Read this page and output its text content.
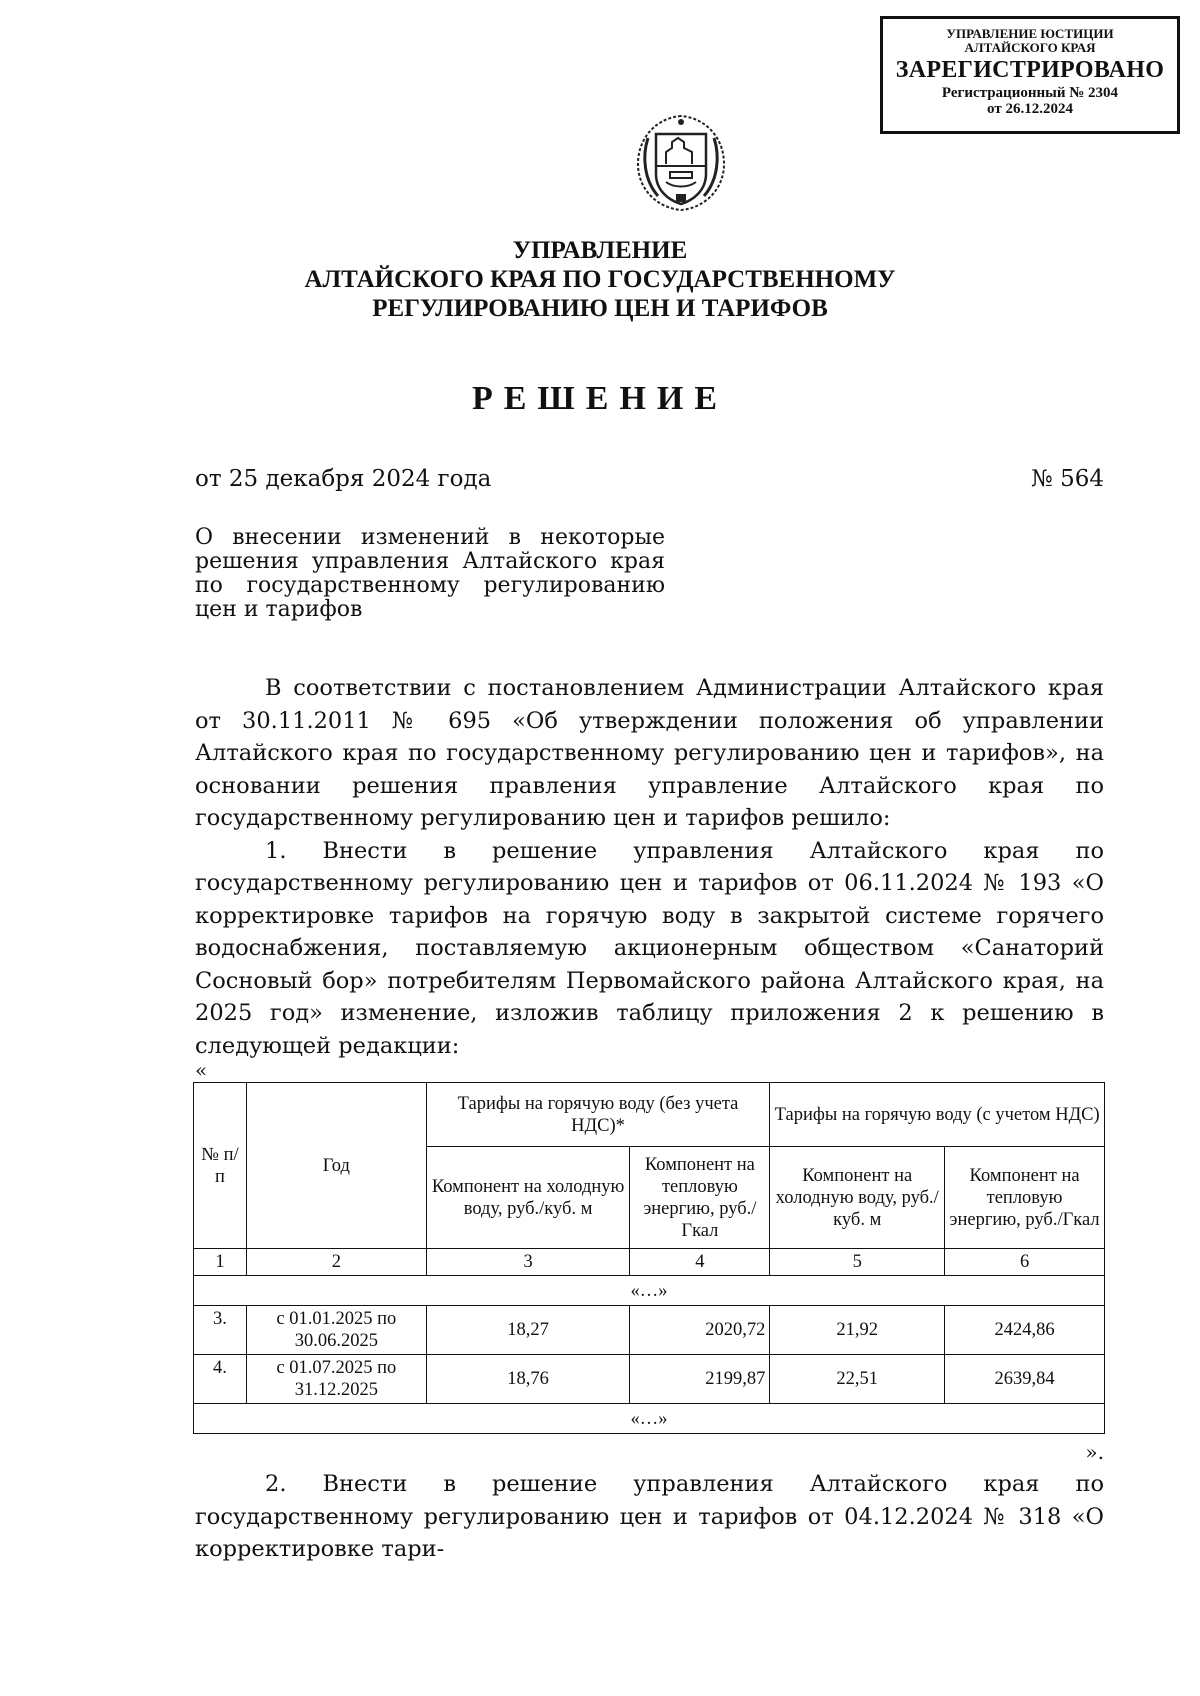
УПРАВЛЕНИЕ ЮСТИЦИИ
АЛТАЙСКОГО КРАЯ
ЗАРЕГИСТРИРОВАНО
Регистрационный № 2304
от 26.12.2024
УПРАВЛЕНИЕ
АЛТАЙСКОГО КРАЯ ПО ГОСУДАРСТВЕННОМУ
РЕГУЛИРОВАНИЮ ЦЕН И ТАРИФОВ
РЕШЕНИЕ
от 25 декабря 2024 года	№ 564
О внесении изменений в некоторые решения управления Алтайского края по государственному регулированию цен и тарифов

В соответствии с постановлением Администрации Алтайского края от 30.11.2011 № 695 «Об утверждении положения об управлении Алтайского края по государственному регулированию цен и тарифов», на основании решения правления управление Алтайского края по государственному регулированию цен и тарифов решило:

1. Внести в решение управления Алтайского края по государственному регулированию цен и тарифов от 06.11.2024 № 193 «О корректировке тарифов на горячую воду в закрытой системе горячего водоснабжения, поставляемую акционерным обществом «Санаторий Сосновый бор» потребителям Первомайского района Алтайского края, на 2025 год» изменение, изложив таблицу приложения 2 к решению в следующей редакции:

«
№ п/п	Год	Тарифы на горячую воду (без учета НДС)*		Тарифы на горячую воду (с учетом НДС)	
		Компонент на холодную воду, руб./куб. м	Компонент на тепловую энергию, руб./Гкал	Компонент на холодную воду, руб./куб. м	Компонент на тепловую энергию, руб./Гкал
1	2	3	4	5	6
«…»					
3.	с 01.01.2025 по 30.06.2025	18,27	2020,72	21,92	2424,86
4.	с 01.07.2025 по 31.12.2025	18,76	2199,87	22,51	2639,84
«…»					
».

2. Внести в решение управления Алтайского края по государственному регулированию цен и тарифов от 04.12.2024 № 318 «О корректировке тари-
